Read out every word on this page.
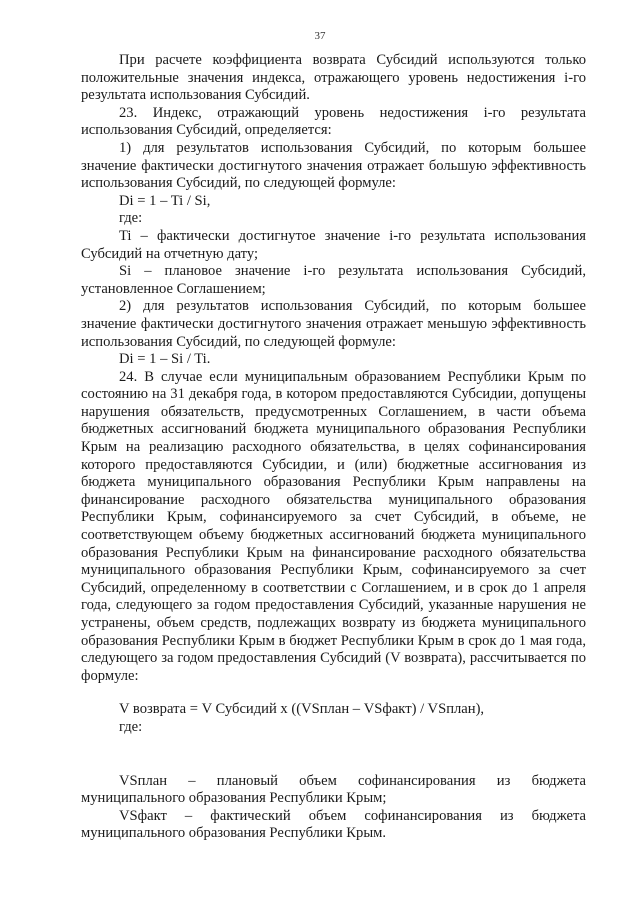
37

При расчете коэффициента возврата Субсидий используются только положительные значения индекса, отражающего уровень недостижения i-го результата использования Субсидий.

23. Индекс, отражающий уровень недостижения i-го результата использования Субсидий, определяется:

1) для результатов использования Субсидий, по которым большее значение фактически достигнутого значения отражает большую эффективность использования Субсидий, по следующей формуле:

Di = 1 – Ti / Si,

где:

Ti – фактически достигнутое значение i-го результата использования Субсидий на отчетную дату;

Si – плановое значение i-го результата использования Субсидий, установленное Соглашением;

2) для результатов использования Субсидий, по которым большее значение фактически достигнутого значения отражает меньшую эффективность использования Субсидий, по следующей формуле:

Di = 1 – Si / Ti.

24. В случае если муниципальным образованием Республики Крым по состоянию на 31 декабря года, в котором предоставляются Субсидии, допущены нарушения обязательств, предусмотренных Соглашением, в части объема бюджетных ассигнований бюджета муниципального образования Республики Крым на реализацию расходного обязательства, в целях софинансирования которого предоставляются Субсидии, и (или) бюджетные ассигнования из бюджета муниципального образования Республики Крым направлены на финансирование расходного обязательства муниципального образования Республики Крым, софинансируемого за счет Субсидий, в объеме, не соответствующем объему бюджетных ассигнований бюджета муниципального образования Республики Крым на финансирование расходного обязательства муниципального образования Республики Крым, софинансируемого за счет Субсидий, определенному в соответствии с Соглашением, и в срок до 1 апреля года, следующего за годом предоставления Субсидий, указанные нарушения не устранены, объем средств, подлежащих возврату из бюджета муниципального образования Республики Крым в бюджет Республики Крым в срок до 1 мая года, следующего за годом предоставления Субсидий (V возврата), рассчитывается по формуле:

V возврата = V Субсидий x ((VSплан – VSфакт) / VSплан),

где:

VSплан – плановый объем софинансирования из бюджета муниципального образования Республики Крым;

VSфакт – фактический объем софинансирования из бюджета муниципального образования Республики Крым.
